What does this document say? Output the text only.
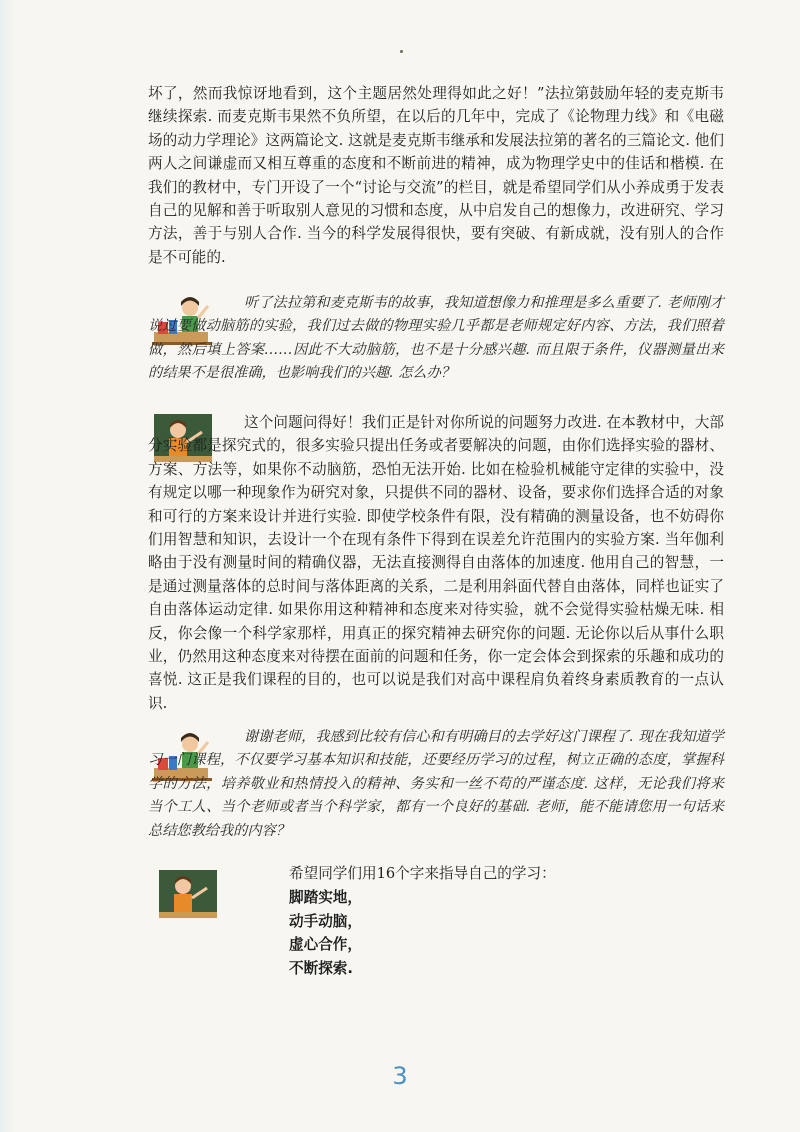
坏了，然而我惊讶地看到，这个主题居然处理得如此之好！”法拉第鼓励年轻的麦克斯韦继续探索. 而麦克斯韦果然不负所望，在以后的几年中，完成了《论物理力线》和《电磁场的动力学理论》这两篇论文. 这就是麦克斯韦继承和发展法拉第的著名的三篇论文. 他们两人之间谦虚而又相互尊重的态度和不断前进的精神，成为物理学史中的佳话和楷模. 在我们的教材中，专门开设了一个“讨论与交流”的栏目，就是希望同学们从小养成勇于发表自己的见解和善于听取别人意见的习惯和态度，从中启发自己的想像力，改进研究、学习方法，善于与别人合作. 当今的科学发展得很快，要有突破、有新成就，没有别人的合作是不可能的.

听了法拉第和麦克斯韦的故事，我知道想像力和推理是多么重要了. 老师刚才说过要做动脑筋的实验，我们过去做的物理实验几乎都是老师规定好内容、方法，我们照着做，然后填上答案……因此不大动脑筋，也不是十分感兴趣. 而且限于条件，仪器测量出来的结果不是很准确，也影响我们的兴趣. 怎么办？

这个问题问得好！我们正是针对你所说的问题努力改进. 在本教材中，大部分实验都是探究式的，很多实验只提出任务或者要解决的问题，由你们选择实验的器材、方案、方法等，如果你不动脑筋，恐怕无法开始. 比如在检验机械能守定律的实验中，没有规定以哪一种现象作为研究对象，只提供不同的器材、设备，要求你们选择合适的对象和可行的方案来设计并进行实验. 即使学校条件有限，没有精确的测量设备，也不妨碍你们用智慧和知识，去设计一个在现有条件下得到在误差允许范围内的实验方案. 当年伽利略由于没有测量时间的精确仪器，无法直接测得自由落体的加速度. 他用自己的智慧，一是通过测量落体的总时间与落体距离的关系，二是利用斜面代替自由落体，同样也证实了自由落体运动定律. 如果你用这种精神和态度来对待实验，就不会觉得实验枯燥无味. 相反，你会像一个科学家那样，用真正的探究精神去研究你的问题. 无论你以后从事什么职业，仍然用这种态度来对待摆在面前的问题和任务，你一定会体会到探索的乐趣和成功的喜悦. 这正是我们课程的目的，也可以说是我们对高中课程肩负着终身素质教育的一点认识.

谢谢老师，我感到比较有信心和有明确目的去学好这门课程了. 现在我知道学习一门课程，不仅要学习基本知识和技能，还要经历学习的过程，树立正确的态度，掌握科学的方法，培养敬业和热情投入的精神、务实和一丝不苟的严谨态度. 这样，无论我们将来当个工人、当个老师或者当个科学家，都有一个良好的基础. 老师，能不能请您用一句话来总结您教给我的内容？

希望同学们用16个字来指导自己的学习：
脚踏实地，
动手动脑，
虚心合作，
不断探索.
3
